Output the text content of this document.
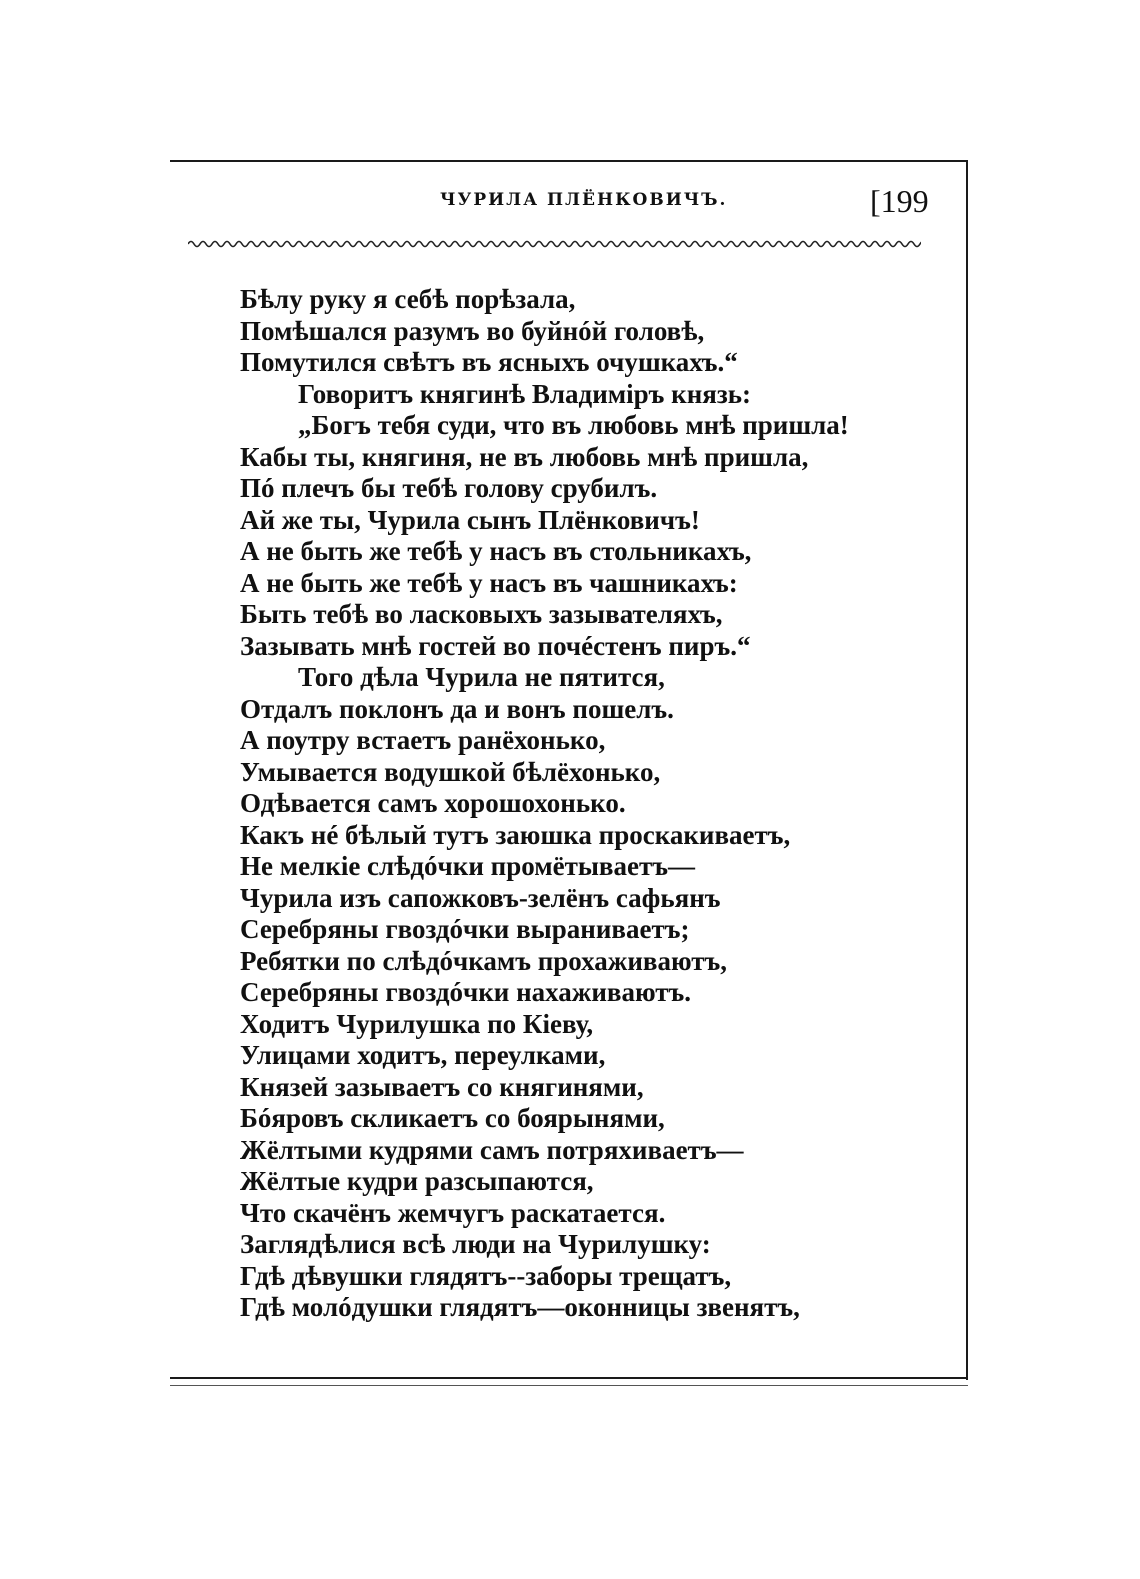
ЧУРИЛА ПЛЁНКОВИЧЪ.	[199
Бѣлу руку я себѣ порѣзала,
Помѣшался разумъ во буйнóй головѣ,
Помутился свѣтъ въ ясныхъ очушкахъ.“
Говоритъ княгинѣ Владиміръ князь:
„Богъ тебя суди, что въ любовь мнѣ пришла!
Кабы ты, княгиня, не въ любовь мнѣ пришла,
Пó плечъ бы тебѣ голову срубилъ.
Ай же ты, Чурила сынъ Плёнковичъ!
А не быть же тебѣ у насъ въ стольникахъ,
А не быть же тебѣ у насъ въ чашникахъ:
Быть тебѣ во ласковыхъ зазывателяхъ,
Зазывать мнѣ гостей во почéстенъ пиръ.“
Того дѣла Чурила не пятится,
Отдалъ поклонъ да и вонъ пошелъ.
А поутру встаетъ ранёхонько,
Умывается водушкой бѣлёхонько,
Одѣвается самъ хорошохонько.
Какъ нé бѣлый тутъ заюшка проскакиваетъ,
Не мелкіе слѣдóчки промётываетъ—
Чурила изъ сапожковъ-зелёнъ сафьянъ
Серебряны гвоздóчки выраниваетъ;
Ребятки по слѣдóчкамъ прохаживаютъ,
Серебряны гвоздóчки нахаживаютъ.
Ходитъ Чурилушка по Кіеву,
Улицами ходитъ, переулками,
Князей зазываетъ со княгинями,
Бóяровъ скликаетъ со боярынями,
Жёлтыми кудрями самъ потряхиваетъ—
Жёлтые кудри разсыпаются,
Что скачёнъ жемчугъ раскатается.
Заглядѣлися всѣ люди на Чурилушку:
Гдѣ дѣвушки глядятъ--заборы трещатъ,
Гдѣ молóдушки глядятъ—оконницы звенятъ,
